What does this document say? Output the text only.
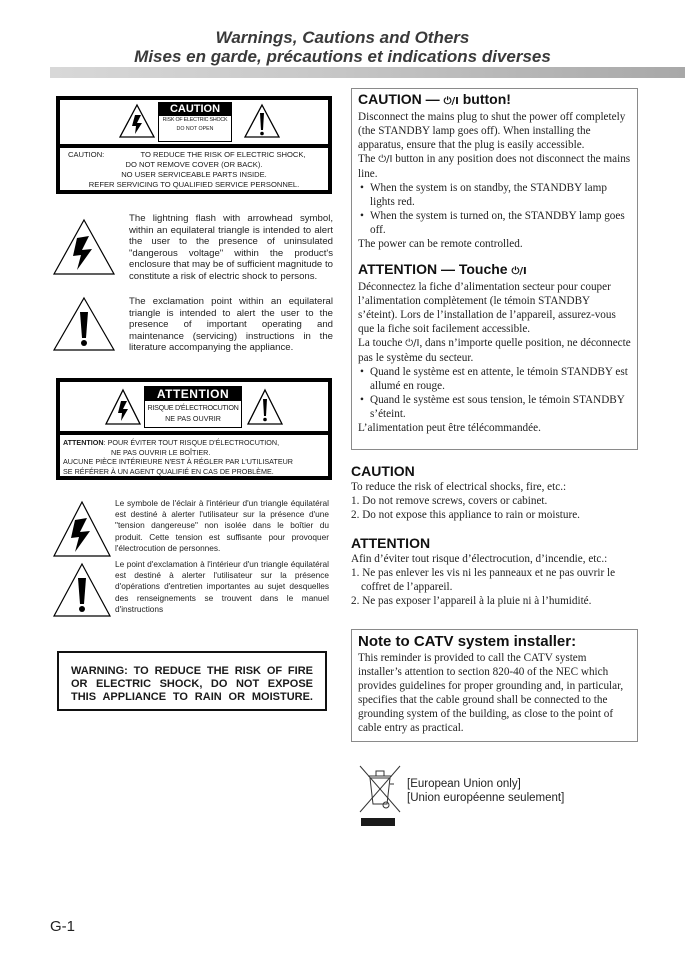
Warnings, Cautions and Others
Mises en garde, précautions et indications diverses
CAUTION
RISK OF ELECTRIC SHOCK
DO NOT OPEN
CAUTION:	TO REDUCE THE RISK OF ELECTRIC SHOCK,
DO NOT REMOVE COVER (OR BACK).
NO USER SERVICEABLE PARTS INSIDE.
REFER SERVICING TO QUALIFIED SERVICE PERSONNEL.
The lightning flash with arrowhead symbol, within an equilateral triangle is intended to alert the user to the presence of uninsulated "dangerous voltage" within the product's enclosure that may be of sufficient magnitude to constitute a risk of electric shock to persons.
The exclamation point within an equilateral triangle is intended to alert the user to the presence of important operating and maintenance (servicing) instructions in the literature accompanying the appliance.
ATTENTION
RISQUE D'ÉLECTROCUTION
NE PAS OUVRIR
ATTENTION: POUR ÉVITER TOUT RISQUE D'ÉLECTROCUTION,
NE PAS OUVRIR LE BOÎTIER.
AUCUNE PIÈCE INTÉRIEURE N'EST À RÉGLER PAR L'UTILISATEUR
SE RÉFÉRER À UN AGENT QUALIFIÉ EN CAS DE PROBLÈME.
Le symbole de l'éclair à l'intérieur d'un triangle équilatéral est destiné à alerter l'utilisateur sur la présence d'une "tension dangereuse" non isolée dans le boîtier du produit. Cette tension est suffisante pour provoquer l'électrocution de personnes.
Le point d'exclamation à l'intérieur d'un triangle équilatéral est destiné à alerter l'utilisateur sur la présence d'opérations d'entretien importantes au sujet desquelles des renseignements se trouvent dans le manuel d'instructions
WARNING: TO REDUCE THE RISK OF FIRE
OR ELECTRIC SHOCK, DO NOT EXPOSE
THIS APPLIANCE TO RAIN OR MOISTURE.
CAUTION — ⏻/I button!

Disconnect the mains plug to shut the power off completely (the STANDBY lamp goes off). When installing the apparatus, ensure that the plug is easily accessible.

The ⏻/I button in any position does not disconnect the mains line.

• When the system is on standby, the STANDBY lamp lights red.
• When the system is turned on, the STANDBY lamp goes off.

The power can be remote controlled.

ATTENTION — Touche ⏻/I

Déconnectez la fiche d’alimentation secteur pour couper l’alimentation complètement (le témoin STANDBY s’éteint). Lors de l’installation de l’appareil, assurez-vous que la fiche soit facilement accessible.

La touche ⏻/I, dans n’importe quelle position, ne déconnecte pas le système du secteur.

• Quand le système est en attente, le témoin STANDBY est allumé en rouge.
• Quand le système est sous tension, le témoin STANDBY s’éteint.

L’alimentation peut être télécommandée.

CAUTION

To reduce the risk of electrical shocks, fire, etc.:

1. Do not remove screws, covers or cabinet.
2. Do not expose this appliance to rain or moisture.
ATTENTION

Afin d’éviter tout risque d’électrocution, d’incendie, etc.:

1. Ne pas enlever les vis ni les panneaux et ne pas ouvrir le coffret de l’appareil.
2. Ne pas exposer l’appareil à la pluie ni à l’humidité.
Note to CATV system installer:
This reminder is provided to call the CATV system installer’s attention to section 820-40 of the NEC which provides guidelines for proper grounding and, in particular, specifies that the cable ground shall be connected to the grounding system of the building, as close to the point of cable entry as practical.
[European Union only]
[Union européenne seulement]
G-1
